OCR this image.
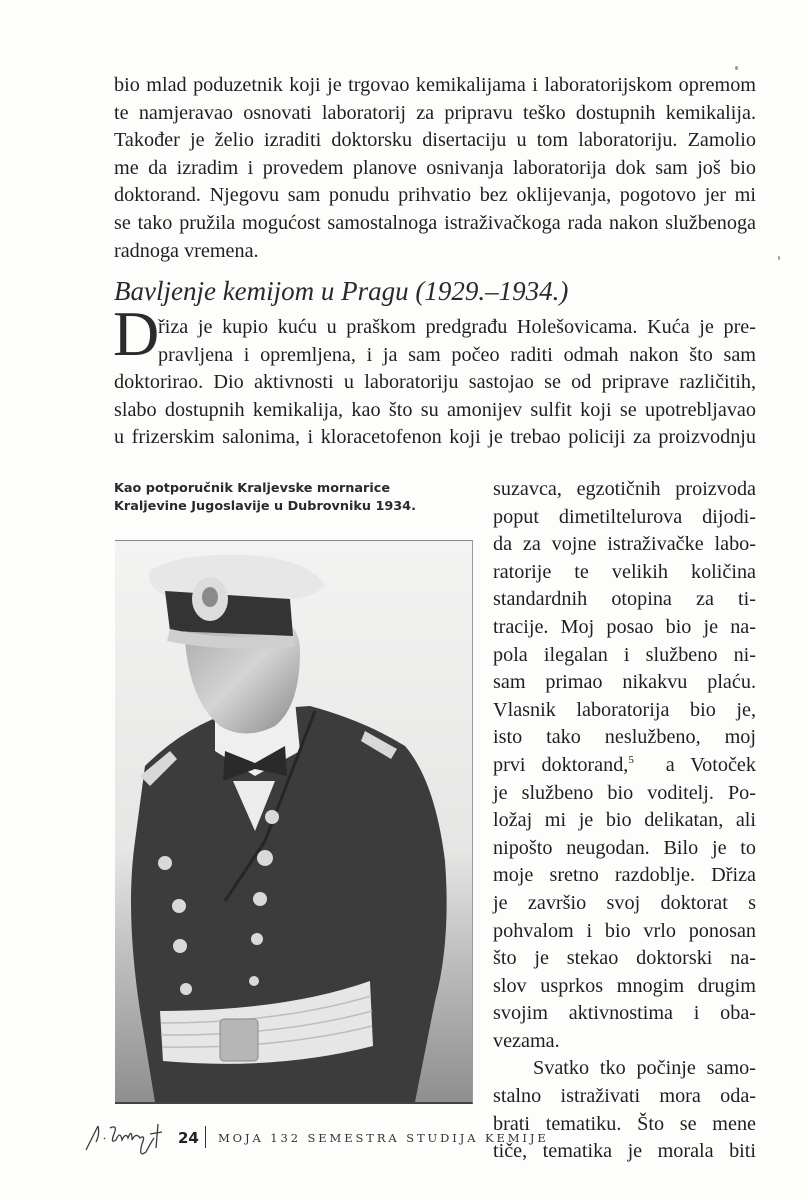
bio mlad poduzetnik koji je trgovao kemikalijama i laboratorijskom opremom
te namjeravao osnovati laboratorij za pripravu teško dostupnih kemikalija.
Također je želio izraditi doktorsku disertaciju u tom laboratoriju. Zamolio
me da izradim i provedem planove osnivanja laboratorija dok sam još bio
doktorand. Njegovu sam ponudu prihvatio bez oklijevanja, pogotovo jer mi
se tako pružila mogućost samostalnoga istraživačkoga rada nakon službenoga
radnoga vremena.
Bavljenje kemijom u Pragu (1929.–1934.)
D
řiza je kupio kuću u praškom predgrađu Holešovicama. Kuća je pre-
pravljena i opremljena, i ja sam počeo raditi odmah nakon što sam
doktorirao. Dio aktivnosti u laboratoriju sastojao se od priprave različitih,
slabo dostupnih kemikalija, kao što su amonijev sulfit koji se upotrebljavao
u frizerskim salonima, i kloracetofenon koji je trebao policiji za proizvodnju
suzavca, egzotičnih proizvoda
poput dimetiltelurova dijodi-
da za vojne istraživačke labo-
ratorije te velikih količina
standardnih otopina za ti-
tracije. Moj posao bio je na-
pola ilegalan i službeno ni-
sam primao nikakvu plaću.
Vlasnik laboratorija bio je,
isto tako neslužbeno, moj
prvi doktorand,$^5$ a Votoček
je službeno bio voditelj. Po-
ložaj mi je bio delikatan, ali
nipošto neugodan. Bilo je to
moje sretno razdoblje. Dřiza
je završio svoj doktorat s
pohvalom i bio vrlo ponosan
što je stekao doktorski na-
slov usprkos mnogim drugim
svojim aktivnostima i oba-
vezama.
Svatko tko počinje samo-
stalno istraživati mora oda-
brati tematiku. Što se mene
tiče, tematika je morala biti
Kao potporučnik Kraljevske mornarice
Kraljevine Jugoslavije u Dubrovniku 1934.
24 MOJA 132 SEMESTRA STUDIJA KEMIJE
